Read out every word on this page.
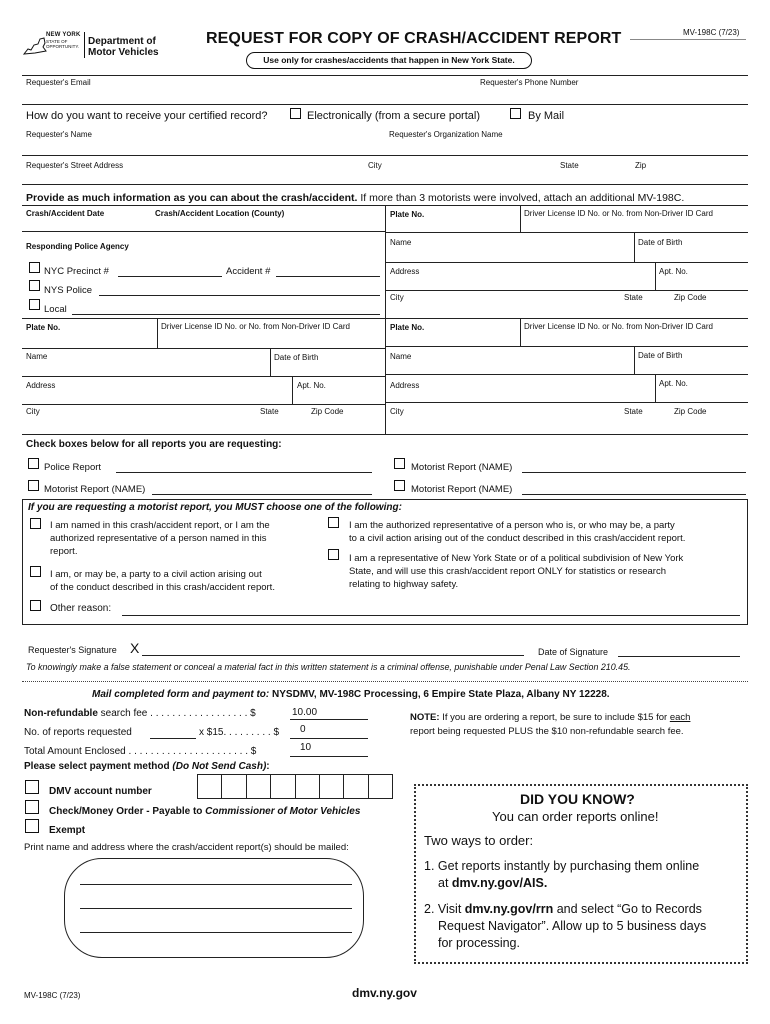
NEW YORK
STATE OF
OPPORTUNITY. Department of
Motor Vehicles
REQUEST FOR COPY OF CRASH/ACCIDENT REPORT	MV-198C (7/23)
Use only for crashes/accidents that happen in New York State.
Requester's Email	Requester's Phone Number
How do you want to receive your certified record?	Electronically (from a secure portal)	By Mail
Requester's Name	Requester's Organization Name
Requester's Street Address	City	State	Zip
Provide as much information as you can about the crash/accident. If more than 3 motorists were involved, attach an additional MV-198C.
Crash/Accident Date	Crash/Accident Location (County)
Responding Police Agency
NYC Precinct #	Accident #
NYS Police
Local
Plate No.	Driver License ID No. or No. from Non-Driver ID Card
Name	Date of Birth
Address	Apt. No.
City	State	Zip Code
Plate No.	Driver License ID No. or No. from Non-Driver ID Card
Name	Date of Birth
Address	Apt. No.
City	State	Zip Code
Plate No.	Driver License ID No. or No. from Non-Driver ID Card
Name	Date of Birth
Address	Apt. No.
City	State	Zip Code
Check boxes below for all reports you are requesting:
Police Report
Motorist Report (NAME)
Motorist Report (NAME)
Motorist Report (NAME)
If you are requesting a motorist report, you MUST choose one of the following:
I am named in this crash/accident report, or I am the
authorized representative of a person named in this
report.
I am, or may be, a party to a civil action arising out
of the conduct described in this crash/accident report.
I am the authorized representative of a person who is, or who may be, a party
to a civil action arising out of the conduct described in this crash/accident report.
I am a representative of New York State or of a political subdivision of New York
State, and will use this crash/accident report ONLY for statistics or research
relating to highway safety.
Other reason:
Requester's Signature X	Date of Signature
To knowingly make a false statement or conceal a material fact in this written statement is a criminal offense, punishable under Penal Law Section 210.45.
Mail completed form and payment to: NYSDMV, MV-198C Processing, 6 Empire State Plaza, Albany NY 12228.
Non-refundable search fee . . . . . . . . . . . . . . . . . . $	10.00
No. of reports requested	x $15. . . . . . . . . $ 0
Total Amount Enclosed . . . . . . . . . . . . . . . . . . . . . . $	10
Please select payment method (Do Not Send Cash):
NOTE: If you are ordering a report, be sure to include $15 for each
report being requested PLUS the $10 non-refundable search fee.
DMV account number
Check/Money Order - Payable to Commissioner of Motor Vehicles
Exempt
Print name and address where the crash/accident report(s) should be mailed:
DID YOU KNOW?
You can order reports online!
Two ways to order:
1. Get reports instantly by purchasing them online
at dmv.ny.gov/AIS.
2. Visit dmv.ny.gov/rrn and select “Go to Records
Request Navigator”. Allow up to 5 business days
for processing.
MV-198C (7/23)	dmv.ny.gov
